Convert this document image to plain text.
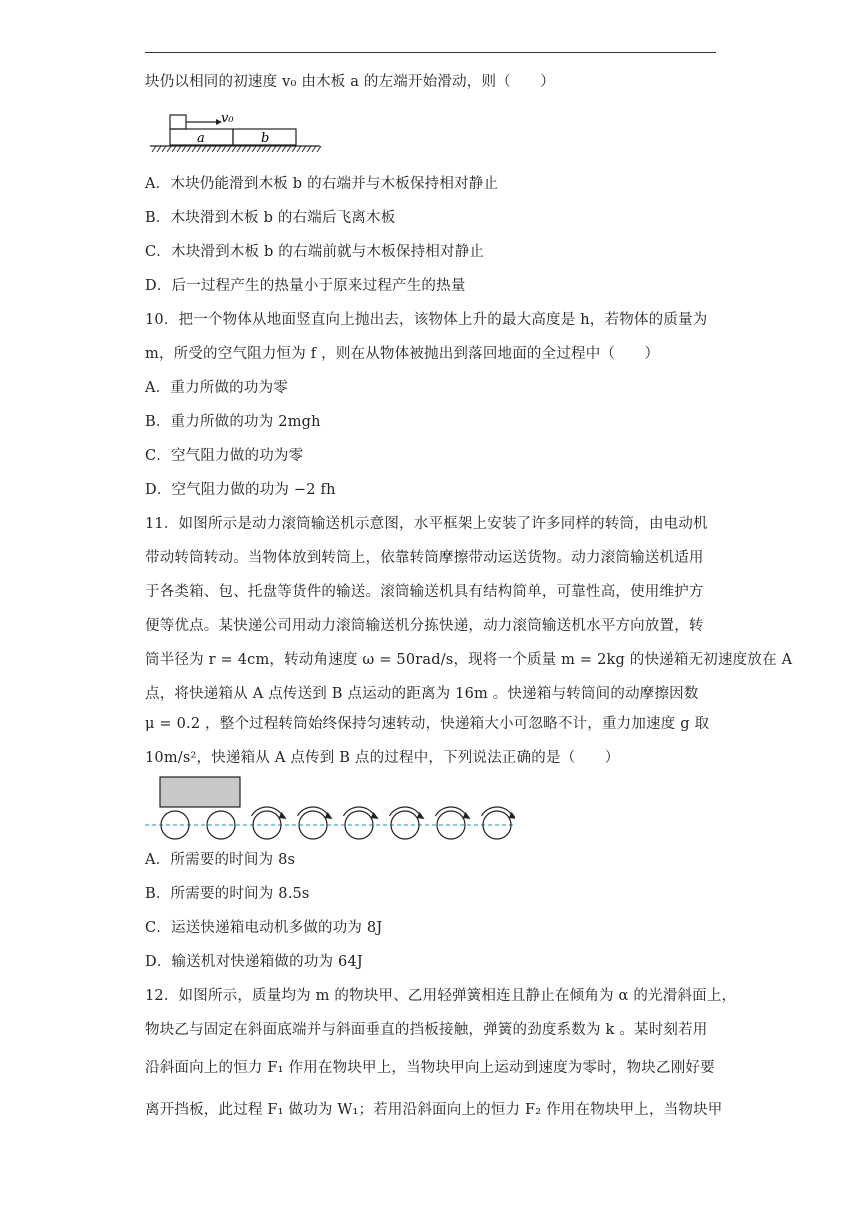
块仍以相同的初速度 v₀ 由木板 a 的左端开始滑动，则（　　）
v₀
a	b
A．木块仍能滑到木板 b 的右端并与木板保持相对静止
B．木块滑到木板 b 的右端后飞离木板
C．木块滑到木板 b 的右端前就与木板保持相对静止
D．后一过程产生的热量小于原来过程产生的热量
10．把一个物体从地面竖直向上抛出去，该物体上升的最大高度是 h，若物体的质量为
m，所受的空气阻力恒为 f ，则在从物体被抛出到落回地面的全过程中（　　）
A．重力所做的功为零
B．重力所做的功为 2mgh
C．空气阻力做的功为零
D．空气阻力做的功为 −2 fh
11．如图所示是动力滚筒输送机示意图，水平框架上安装了许多同样的转筒，由电动机
带动转筒转动。当物体放到转筒上，依靠转筒摩擦带动运送货物。动力滚筒输送机适用
于各类箱、包、托盘等货件的输送。滚筒输送机具有结构简单，可靠性高，使用维护方
便等优点。某快递公司用动力滚筒输送机分拣快递，动力滚筒输送机水平方向放置，转
筒半径为 r = 4cm，转动角速度 ω = 50rad/s，现将一个质量 m = 2kg 的快递箱无初速度放在 A
点，将快递箱从 A 点传送到 B 点运动的距离为 16m 。快递箱与转筒间的动摩擦因数
μ = 0.2 ，整个过程转筒始终保持匀速转动，快递箱大小可忽略不计，重力加速度 g 取
10m/s²，快递箱从 A 点传到 B 点的过程中，下列说法正确的是（　　）
A．所需要的时间为 8s
B．所需要的时间为 8.5s
C．运送快递箱电动机多做的功为 8J
D．输送机对快递箱做的功为 64J
12．如图所示，质量均为 m 的物块甲、乙用轻弹簧相连且静止在倾角为 α 的光滑斜面上，
物块乙与固定在斜面底端并与斜面垂直的挡板接触，弹簧的劲度系数为 k 。某时刻若用
沿斜面向上的恒力 F₁ 作用在物块甲上，当物块甲向上运动到速度为零时，物块乙刚好要
离开挡板，此过程 F₁ 做功为 W₁；若用沿斜面向上的恒力 F₂ 作用在物块甲上，当物块甲
